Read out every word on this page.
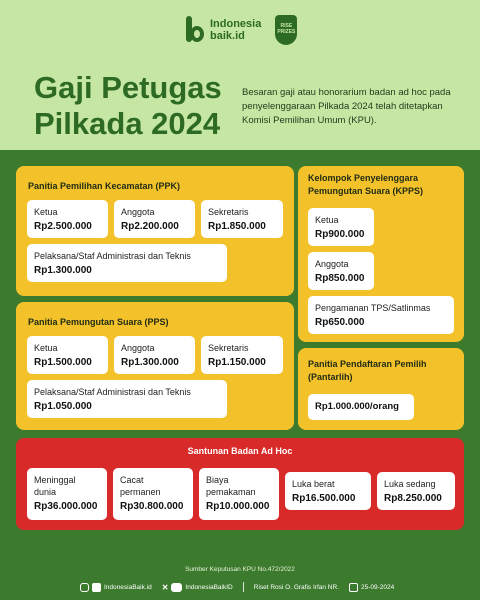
Indonesia
baik.id
RISE PRIZES
Gaji Petugas
Pilkada 2024
Besaran gaji atau honorarium badan ad hoc pada penyelenggaraan Pilkada 2024 telah ditetapkan Komisi Pemilihan Umum (KPU).
Panitia Pemilihan Kecamatan (PPK)
Ketua
Rp2.500.000
Anggota
Rp2.200.000
Sekretaris
Rp1.850.000
Pelaksana/Staf Administrasi dan Teknis
Rp1.300.000
Panitia Pemungutan Suara (PPS)
Ketua
Rp1.500.000
Anggota
Rp1.300.000
Sekretaris
Rp1.150.000
Pelaksana/Staf Administrasi dan Teknis
Rp1.050.000
Kelompok Penyelenggara Pemungutan Suara (KPPS)
Ketua
Rp900.000
Anggota
Rp850.000
Pengamanan TPS/Satlinmas
Rp650.000
Panitia Pendaftaran Pemilih (Pantarlih)
Rp1.000.000/orang
Santunan Badan Ad Hoc
Meninggal dunia
Rp36.000.000
Cacat permanen
Rp30.800.000
Biaya pemakaman
Rp10.000.000
Luka berat
Rp16.500.000
Luka sedang
Rp8.250.000
Sumber Keputusan KPU No.472/2022
IndonesiaBaik.id ✕	IndonesiaBaikID	Riset Rosi O. Grafis Irfan NR.	25-09-2024
